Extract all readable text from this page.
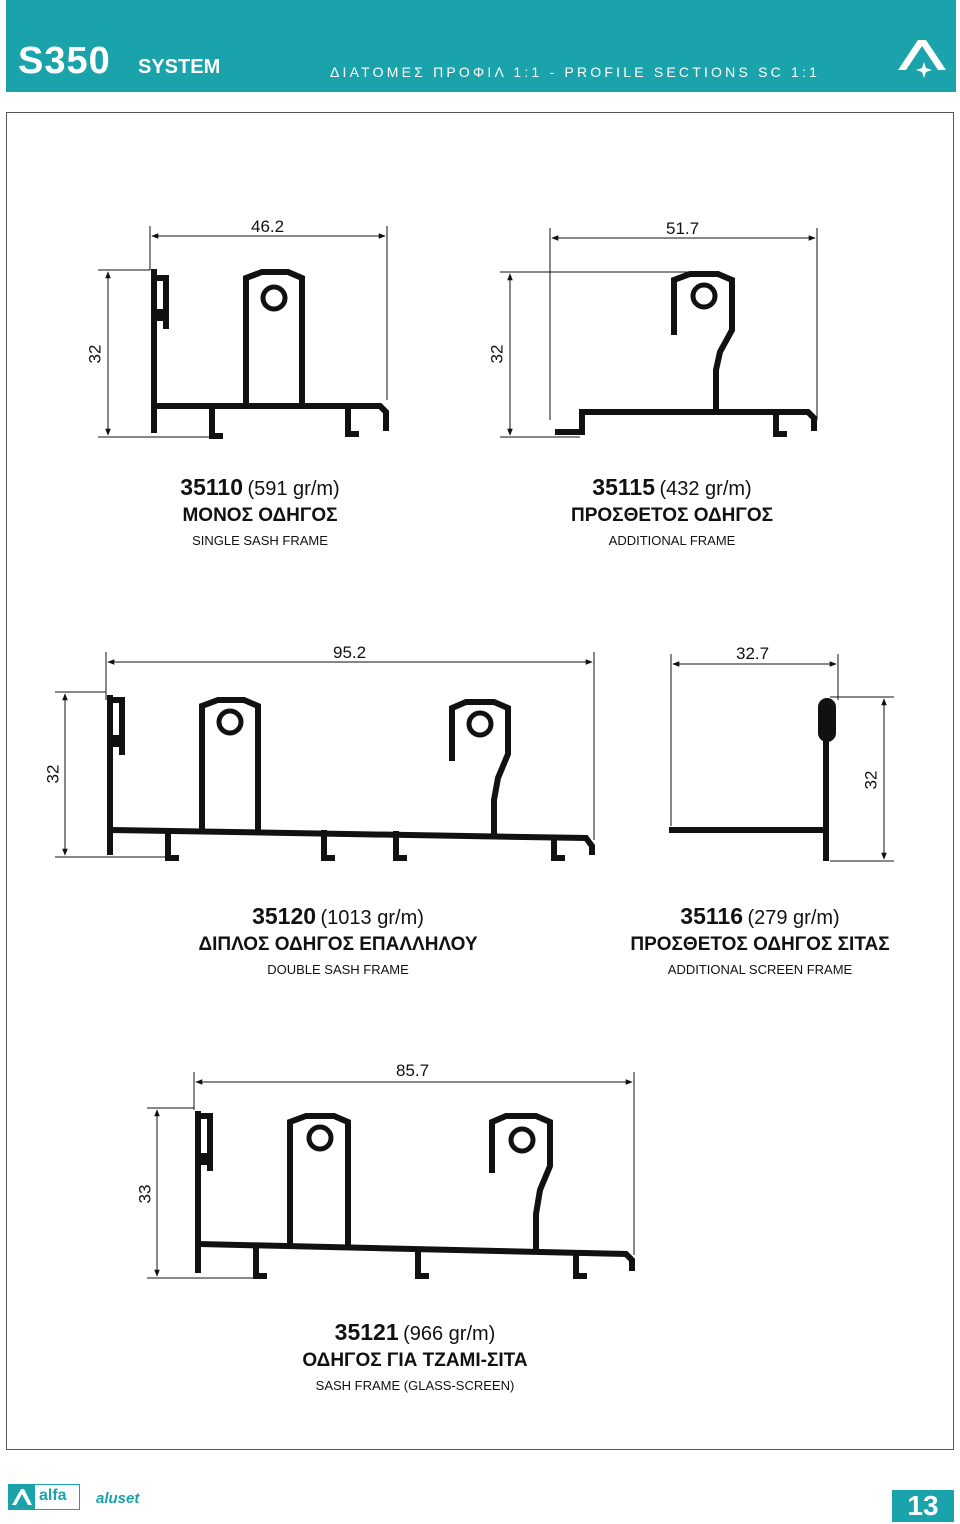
S350 SYSTEM	ΔΙΑΤΟΜΕΣ ΠΡΟΦΙΛ 1:1 - PROFILE SECTIONS SC 1:1
46.2
32
51.7
32
95.2
32
32.7
32
85.7
33
35110 (591 gr/m)
ΜΟΝΟΣ ΟΔΗΓΟΣ
SINGLE SASH FRAME
35115 (432 gr/m)
ΠΡΟΣΘΕΤΟΣ ΟΔΗΓΟΣ
ADDITIONAL FRAME
35120 (1013 gr/m)
ΔΙΠΛΟΣ ΟΔΗΓΟΣ ΕΠΑΛΛΗΛΟΥ
DOUBLE SASH FRAME
35116 (279 gr/m)
ΠΡΟΣΘΕΤΟΣ ΟΔΗΓΟΣ ΣΙΤΑΣ
ADDITIONAL SCREEN FRAME
35121 (966 gr/m)
ΟΔΗΓΟΣ ΓΙΑ ΤΖΑΜΙ-ΣΙΤΑ
SASH FRAME (GLASS-SCREEN)
alfa aluset	13
